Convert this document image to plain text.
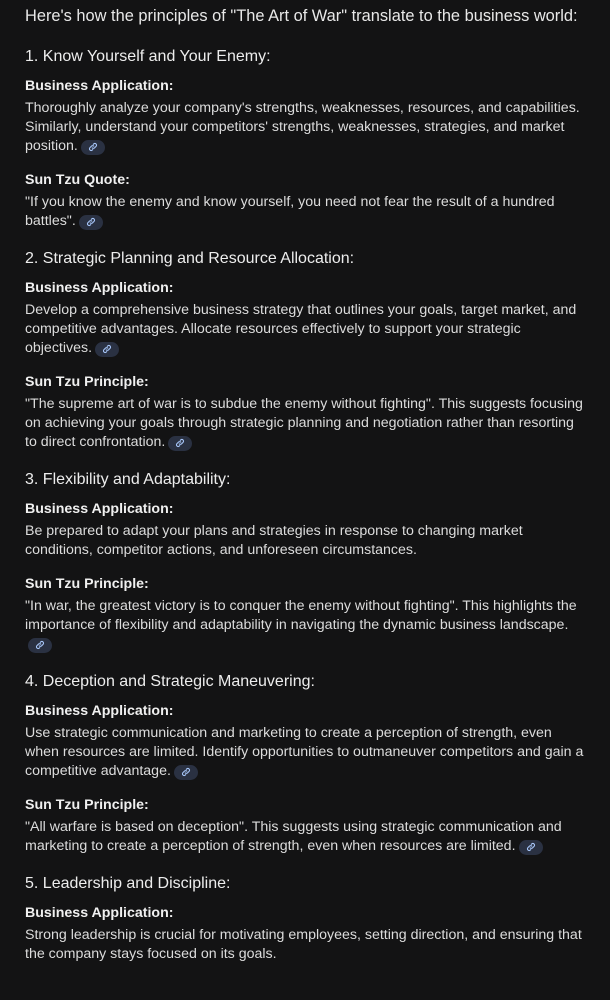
Here's how the principles of "The Art of War" translate to the business world:

1. Know Yourself and Your Enemy:
Business Application:

Thoroughly analyze your company's strengths, weaknesses, resources, and capabilities. Similarly, understand your competitors' strengths, weaknesses, strategies, and market position.

Sun Tzu Quote:

"If you know the enemy and know yourself, you need not fear the result of a hundred battles".

2. Strategic Planning and Resource Allocation:
Business Application:

Develop a comprehensive business strategy that outlines your goals, target market, and competitive advantages. Allocate resources effectively to support your strategic objectives.

Sun Tzu Principle:

"The supreme art of war is to subdue the enemy without fighting". This suggests focusing on achieving your goals through strategic planning and negotiation rather than resorting to direct confrontation.

3. Flexibility and Adaptability:
Business Application:

Be prepared to adapt your plans and strategies in response to changing market conditions, competitor actions, and unforeseen circumstances.

Sun Tzu Principle:

"In war, the greatest victory is to conquer the enemy without fighting". This highlights the importance of flexibility and adaptability in navigating the dynamic business landscape.

4. Deception and Strategic Maneuvering:
Business Application:

Use strategic communication and marketing to create a perception of strength, even when resources are limited. Identify opportunities to outmaneuver competitors and gain a competitive advantage.

Sun Tzu Principle:

"All warfare is based on deception". This suggests using strategic communication and marketing to create a perception of strength, even when resources are limited.

5. Leadership and Discipline:
Business Application:

Strong leadership is crucial for motivating employees, setting direction, and ensuring that the company stays focused on its goals.
